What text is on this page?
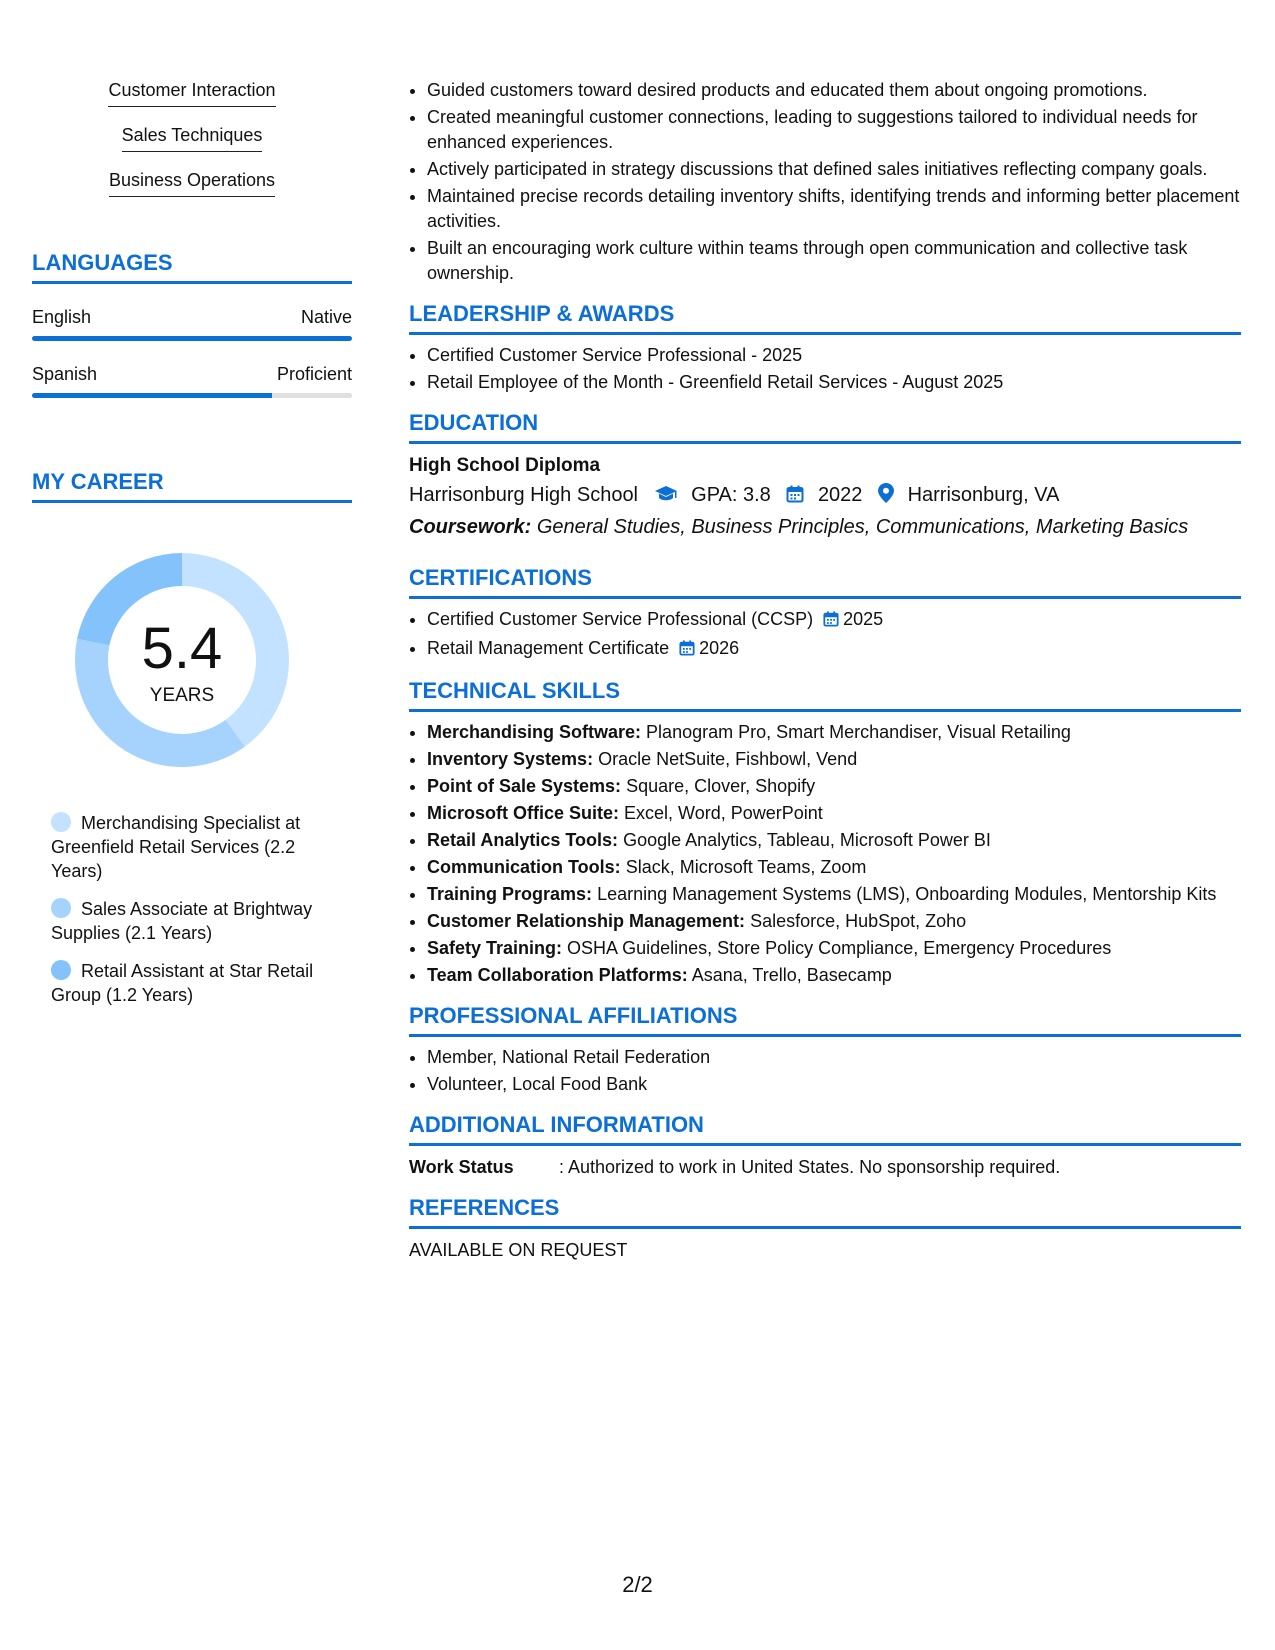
Customer Interaction
Sales Techniques
Business Operations
LANGUAGES
English	Native
Spanish	Proficient
MY CAREER
5.4
YEARS
Merchandising Specialist at Greenfield Retail Services (2.2 Years)
Sales Associate at Brightway Supplies (2.1 Years)
Retail Assistant at Star Retail Group (1.2 Years)
• Guided customers toward desired products and educated them about ongoing promotions.
• Created meaningful customer connections, leading to suggestions tailored to individual needs for enhanced experiences.
• Actively participated in strategy discussions that defined sales initiatives reflecting company goals.
• Maintained precise records detailing inventory shifts, identifying trends and informing better placement activities.
• Built an encouraging work culture within teams through open communication and collective task ownership.
LEADERSHIP & AWARDS
• Certified Customer Service Professional - 2025
• Retail Employee of the Month - Greenfield Retail Services - August 2025
EDUCATION
High School Diploma
Harrisonburg High School	GPA: 3.8 2022 Harrisonburg, VA
Coursework: General Studies, Business Principles, Communications, Marketing Basics
CERTIFICATIONS
• Certified Customer Service Professional (CCSP) 2025
• Retail Management Certificate 2026
TECHNICAL SKILLS
• Merchandising Software: Planogram Pro, Smart Merchandiser, Visual Retailing
• Inventory Systems: Oracle NetSuite, Fishbowl, Vend
• Point of Sale Systems: Square, Clover, Shopify
• Microsoft Office Suite: Excel, Word, PowerPoint
• Retail Analytics Tools: Google Analytics, Tableau, Microsoft Power BI
• Communication Tools: Slack, Microsoft Teams, Zoom
• Training Programs: Learning Management Systems (LMS), Onboarding Modules, Mentorship Kits
• Customer Relationship Management: Salesforce, HubSpot, Zoho
• Safety Training: OSHA Guidelines, Store Policy Compliance, Emergency Procedures
• Team Collaboration Platforms: Asana, Trello, Basecamp
PROFESSIONAL AFFILIATIONS
• Member, National Retail Federation
• Volunteer, Local Food Bank
ADDITIONAL INFORMATION
Work Status	: Authorized to work in United States. No sponsorship required.
REFERENCES
AVAILABLE ON REQUEST
2/2
